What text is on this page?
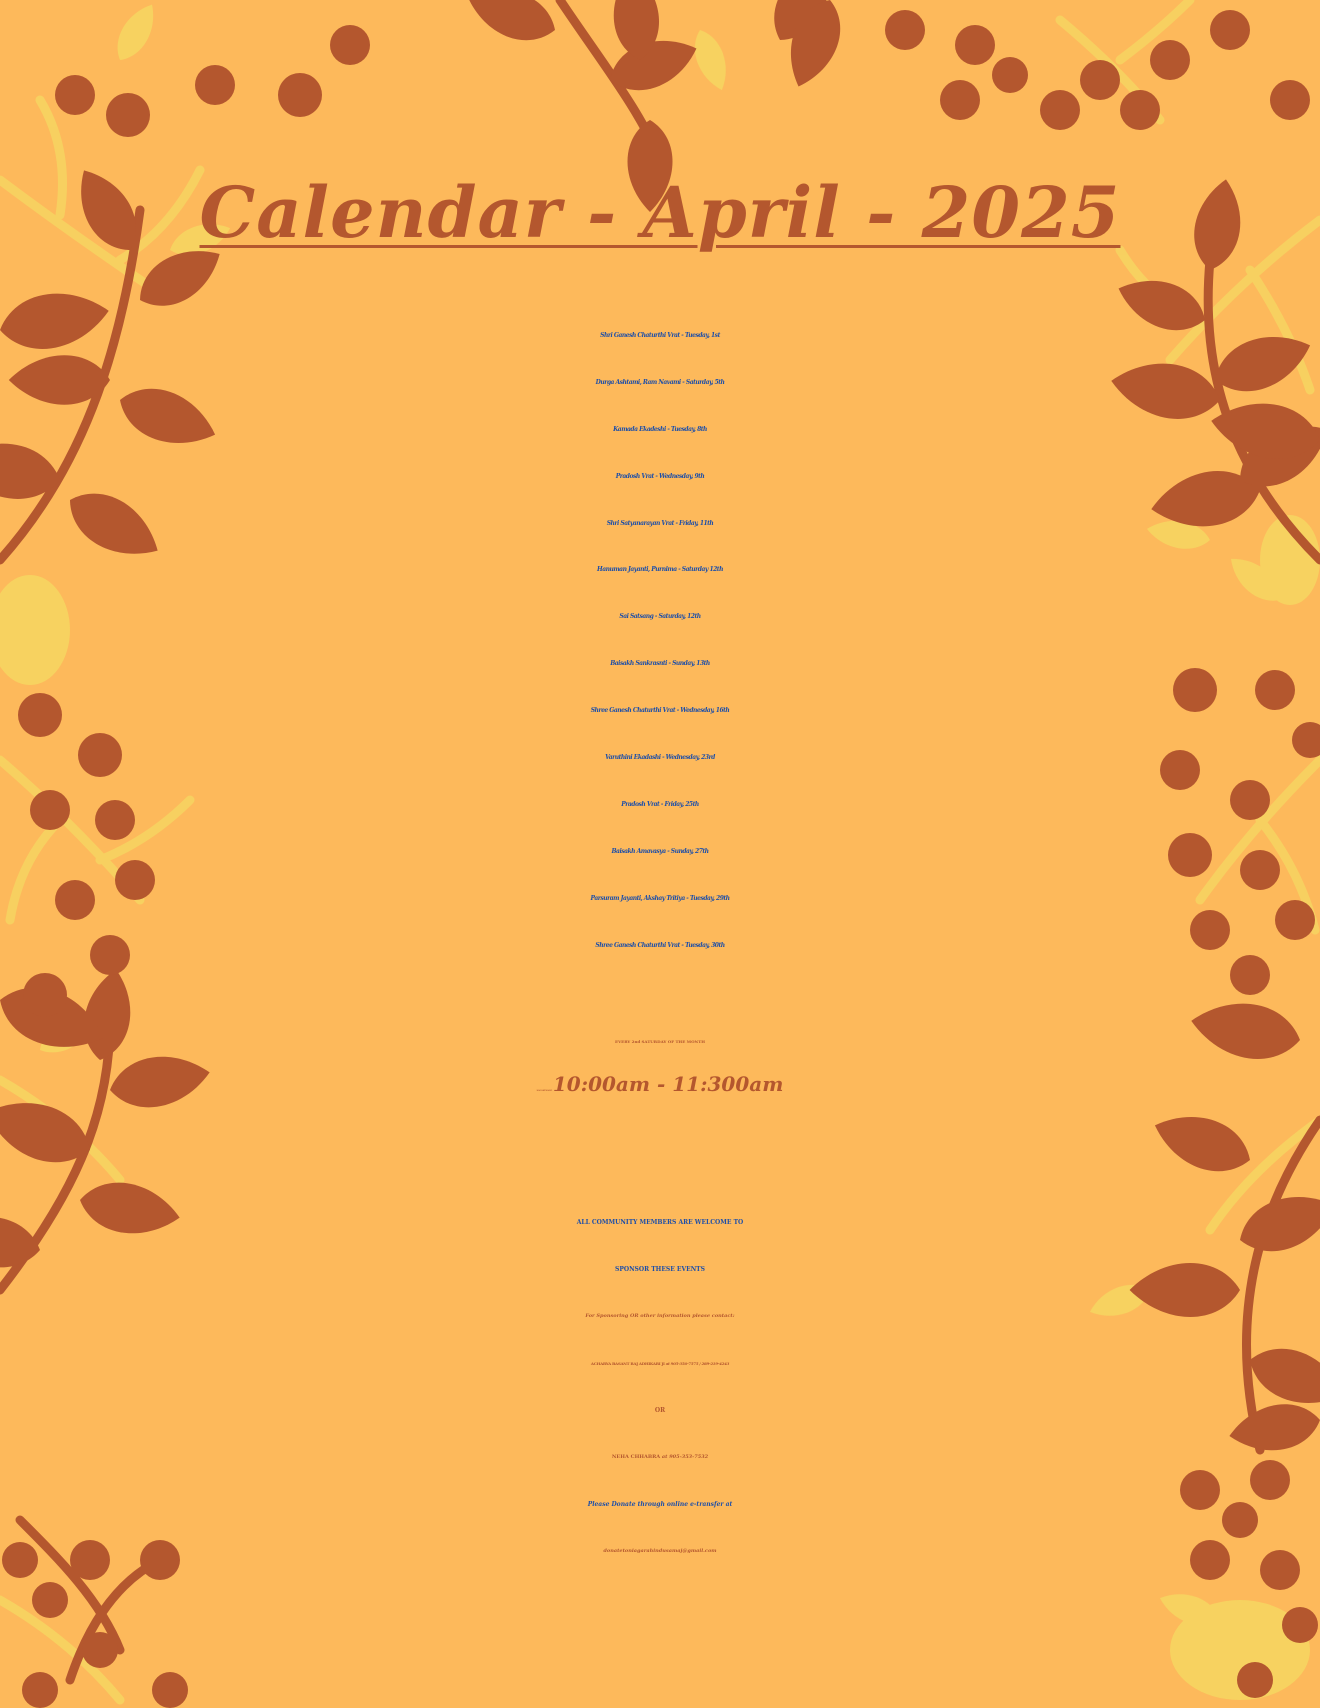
Calendar - April - 2025
Shri Ganesh Chaturthi Vrat - Tuesday, 1st
Durga Ashtami, Ram Navami - Saturday, 5th
Kamada Ekadeshi - Tuesday, 8th
Pradosh Vrat - Wednesday, 9th
Shri Satyanarayan Vrat - Friday, 11th
Hanuman Jayanti, Purnima - Saturday 12th
Sai Satsang - Saturday, 12th
Baisakh Sankrasnti - Sunday, 13th
Shree Ganesh Chaturthi Vrat - Wednesday, 16th
Varuthini Ekadashi - Wednesday, 23rd
Pradosh Vrat - Friday, 25th
Baisakh Amavasya - Sunday, 27th
Parsuram Jayanti, Akshay Tritiya - Tuesday, 29th
Shree Ganesh Chaturthi Vrat - Tuesday, 30th

EVERY 2nd SATURDAY OF THE MONTH

SAI SATSANG 10:00am - 11:300am

ALL COMMUNITY MEMBERS ARE WELCOME TO

SPONSOR THESE EVENTS

For Sponsoring OR other information please contact:

ACHARYA BASANT RAJ ADHIKARI JI at 905-356-7575 / 289-219-4243

OR

NEHA CHHABRA at 905-353-7532

Please Donate through online e-transfer at

donatetoniagarahindusamaj@gmail.com
